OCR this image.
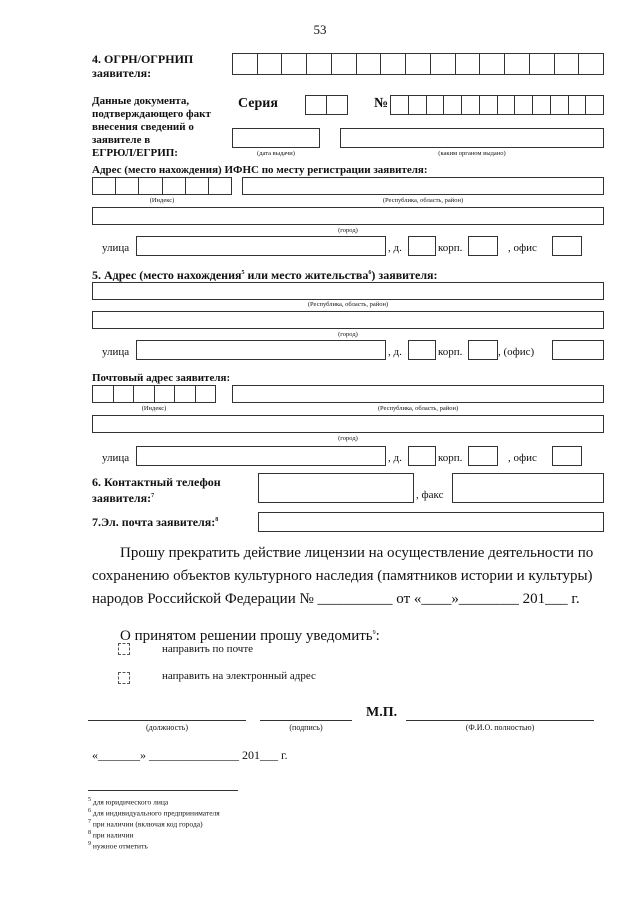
53
4. ОГРН/ОГРНИП
заявителя:
Данные документа,
подтверждающего факт
внесения сведений о
заявителе в
ЕГРЮЛ/ЕГРИП:
Серия	№
(дата выдачи)	(каким органом выдано)
Адрес (место нахождения) ИФНС по месту регистрации заявителя:
(Индекс)	(Республика, область, район)
(город)
улица	, д.	корп.	, офис
5. Адрес (место нахождения$^5$ или место жительства$^6$) заявителя:
(Республика, область, район)
(город)
улица	, д.	корп.	, (офис)
Почтовый адрес заявителя:
(Индекс)	(Республика, область, район)
(город)
улица	, д.	корп.	, офис
6. Контактный телефон
заявителя:$^7$	, факс
7.Эл. почта заявителя:$^8$
Прошу прекратить действие лицензии на осуществление деятельности по
сохранению объектов культурного наследия (памятников истории и культуры)
народов Российской Федерации № __________ от «____»________ 201___ г.
О принятом решении прошу уведомить$^9$:
направить по почте
направить на электронный адрес
М.П.
(должность)	(подпись)	(Ф.И.О. полностью)
«_______» _______________ 201___ г.
$^5$ для юридического лица
$^6$ для индивидуального предпринимателя
$^7$ при наличии (включая код города)
$^8$ при наличии
$^9$ нужное отметить
